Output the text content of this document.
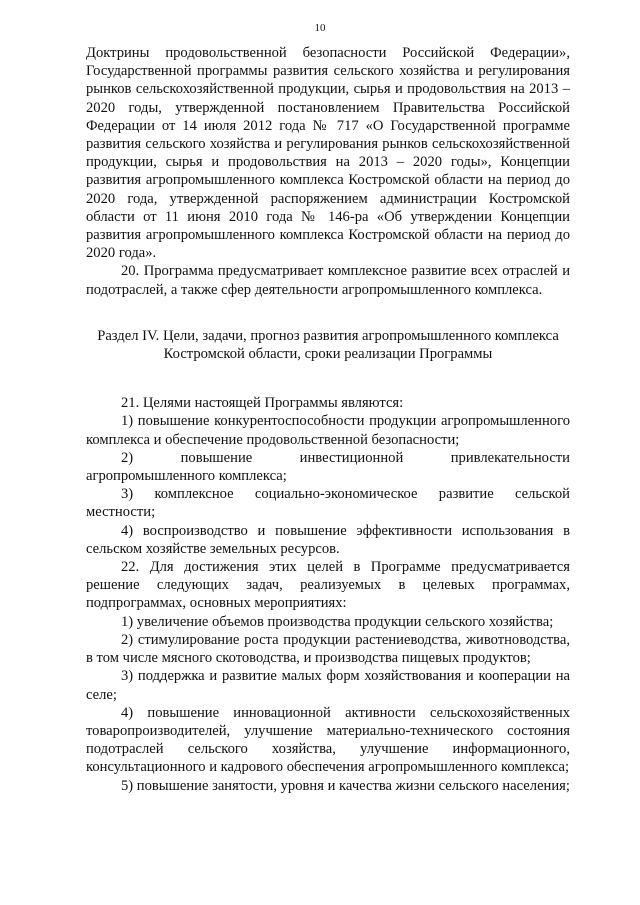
10

Доктрины продовольственной безопасности Российской Федерации», Государственной программы развития сельского хозяйства и регулирования рынков сельскохозяйственной продукции, сырья и продовольствия на 2013 – 2020 годы, утвержденной постановлением Правительства Российской Федерации от 14 июля 2012 года № 717 «О Государственной программе развития сельского хозяйства и регулирования рынков сельскохозяйственной продукции, сырья и продовольствия на 2013 – 2020 годы», Концепции развития агропромышленного комплекса Костромской области на период до 2020 года, утвержденной распоряжением администрации Костромской области от 11 июня 2010 года № 146-ра «Об утверждении Концепции развития агропромышленного комплекса Костромской области на период до 2020 года».

20. Программа предусматривает комплексное развитие всех отраслей и подотраслей, а также сфер деятельности агропромышленного комплекса.

Раздел IV. Цели, задачи, прогноз развития агропромышленного комплекса Костромской области, сроки реализации Программы

21. Целями настоящей Программы являются:

1) повышение конкурентоспособности продукции агропромышленного комплекса и обеспечение продовольственной безопасности;

2) повышение инвестиционной привлекательности агропромышленного комплекса;

3) комплексное социально-экономическое развитие сельской местности;

4) воспроизводство и повышение эффективности использования в сельском хозяйстве земельных ресурсов.

22. Для достижения этих целей в Программе предусматривается решение следующих задач, реализуемых в целевых программах, подпрограммах, основных мероприятиях:

1) увеличение объемов производства продукции сельского хозяйства;

2) стимулирование роста продукции растениеводства, животноводства, в том числе мясного скотоводства, и производства пищевых продуктов;

3) поддержка и развитие малых форм хозяйствования и кооперации на селе;

4) повышение инновационной активности сельскохозяйственных товаропроизводителей, улучшение материально-технического состояния подотраслей сельского хозяйства, улучшение информационного, консультационного и кадрового обеспечения агропромышленного комплекса;

5) повышение занятости, уровня и качества жизни сельского населения;
